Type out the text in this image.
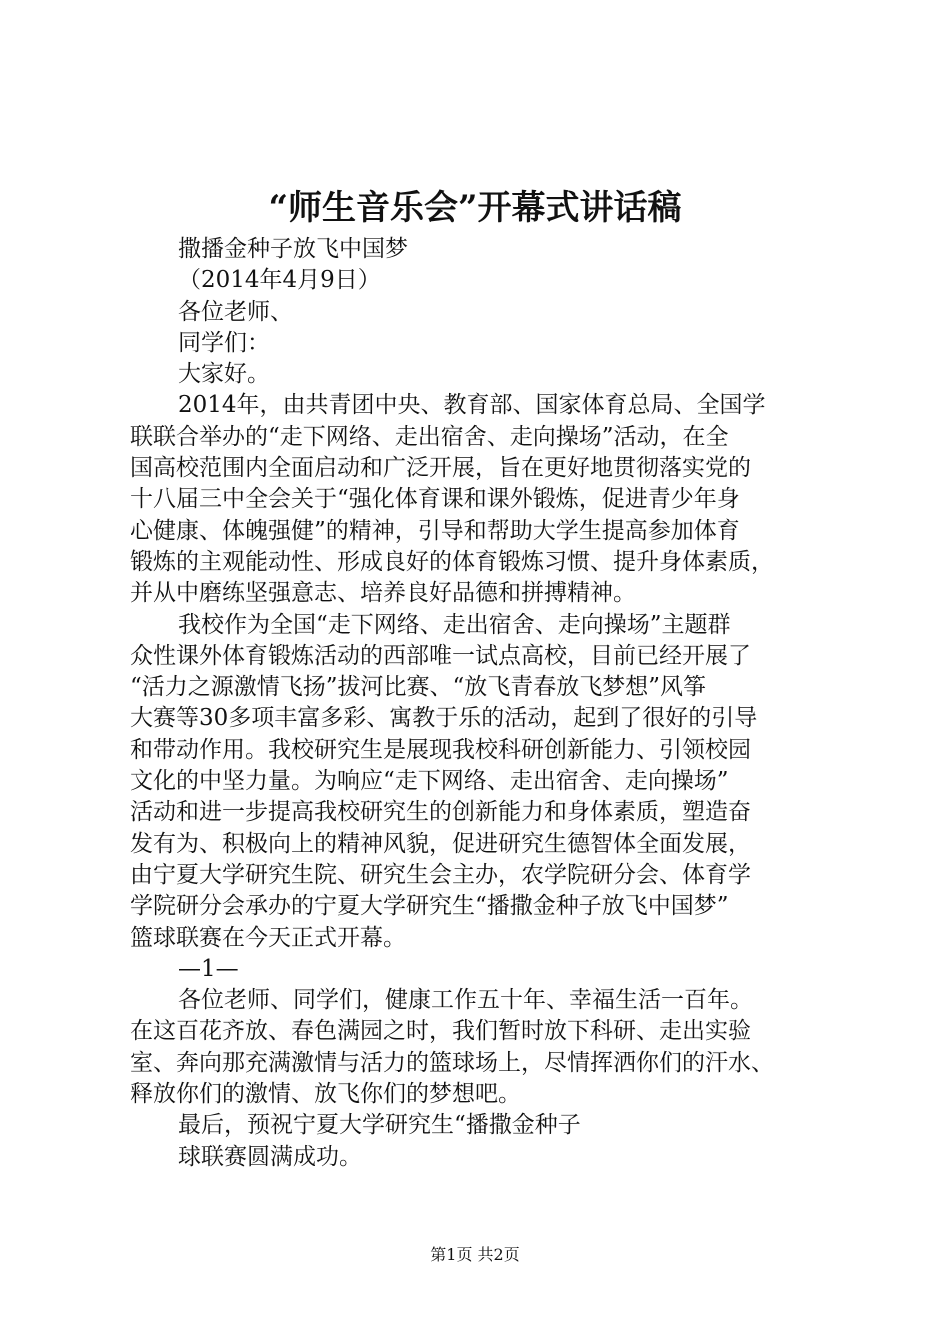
“师生音乐会”开幕式讲话稿
撒播金种子放飞中国梦
（2014年4月9日）
各位老师、
同学们：
大家好。
2014年，由共青团中央、教育部、国家体育总局、全国学
联联合举办的“走下网络、走出宿舍、走向操场”活动，在全
国高校范围内全面启动和广泛开展，旨在更好地贯彻落实党的
十八届三中全会关于“强化体育课和课外锻炼，促进青少年身
心健康、体魄强健”的精神，引导和帮助大学生提高参加体育
锻炼的主观能动性、形成良好的体育锻炼习惯、提升身体素质，
并从中磨练坚强意志、培养良好品德和拼搏精神。
我校作为全国“走下网络、走出宿舍、走向操场”主题群
众性课外体育锻炼活动的西部唯一试点高校，目前已经开展了
“活力之源激情飞扬”拔河比赛、“放飞青春放飞梦想”风筝
大赛等30多项丰富多彩、寓教于乐的活动，起到了很好的引导
和带动作用。我校研究生是展现我校科研创新能力、引领校园
文化的中坚力量。为响应“走下网络、走出宿舍、走向操场”
活动和进一步提高我校研究生的创新能力和身体素质，塑造奋
发有为、积极向上的精神风貌，促进研究生德智体全面发展，
由宁夏大学研究生院、研究生会主办，农学院研分会、体育学
学院研分会承办的宁夏大学研究生“播撒金种子放飞中国梦”
篮球联赛在今天正式开幕。
—1—
各位老师、同学们，健康工作五十年、幸福生活一百年。
在这百花齐放、春色满园之时，我们暂时放下科研、走出实验
室、奔向那充满激情与活力的篮球场上，尽情挥洒你们的汗水、
释放你们的激情、放飞你们的梦想吧。
最后，预祝宁夏大学研究生“播撒金种子
球联赛圆满成功。
第1页 共2页
